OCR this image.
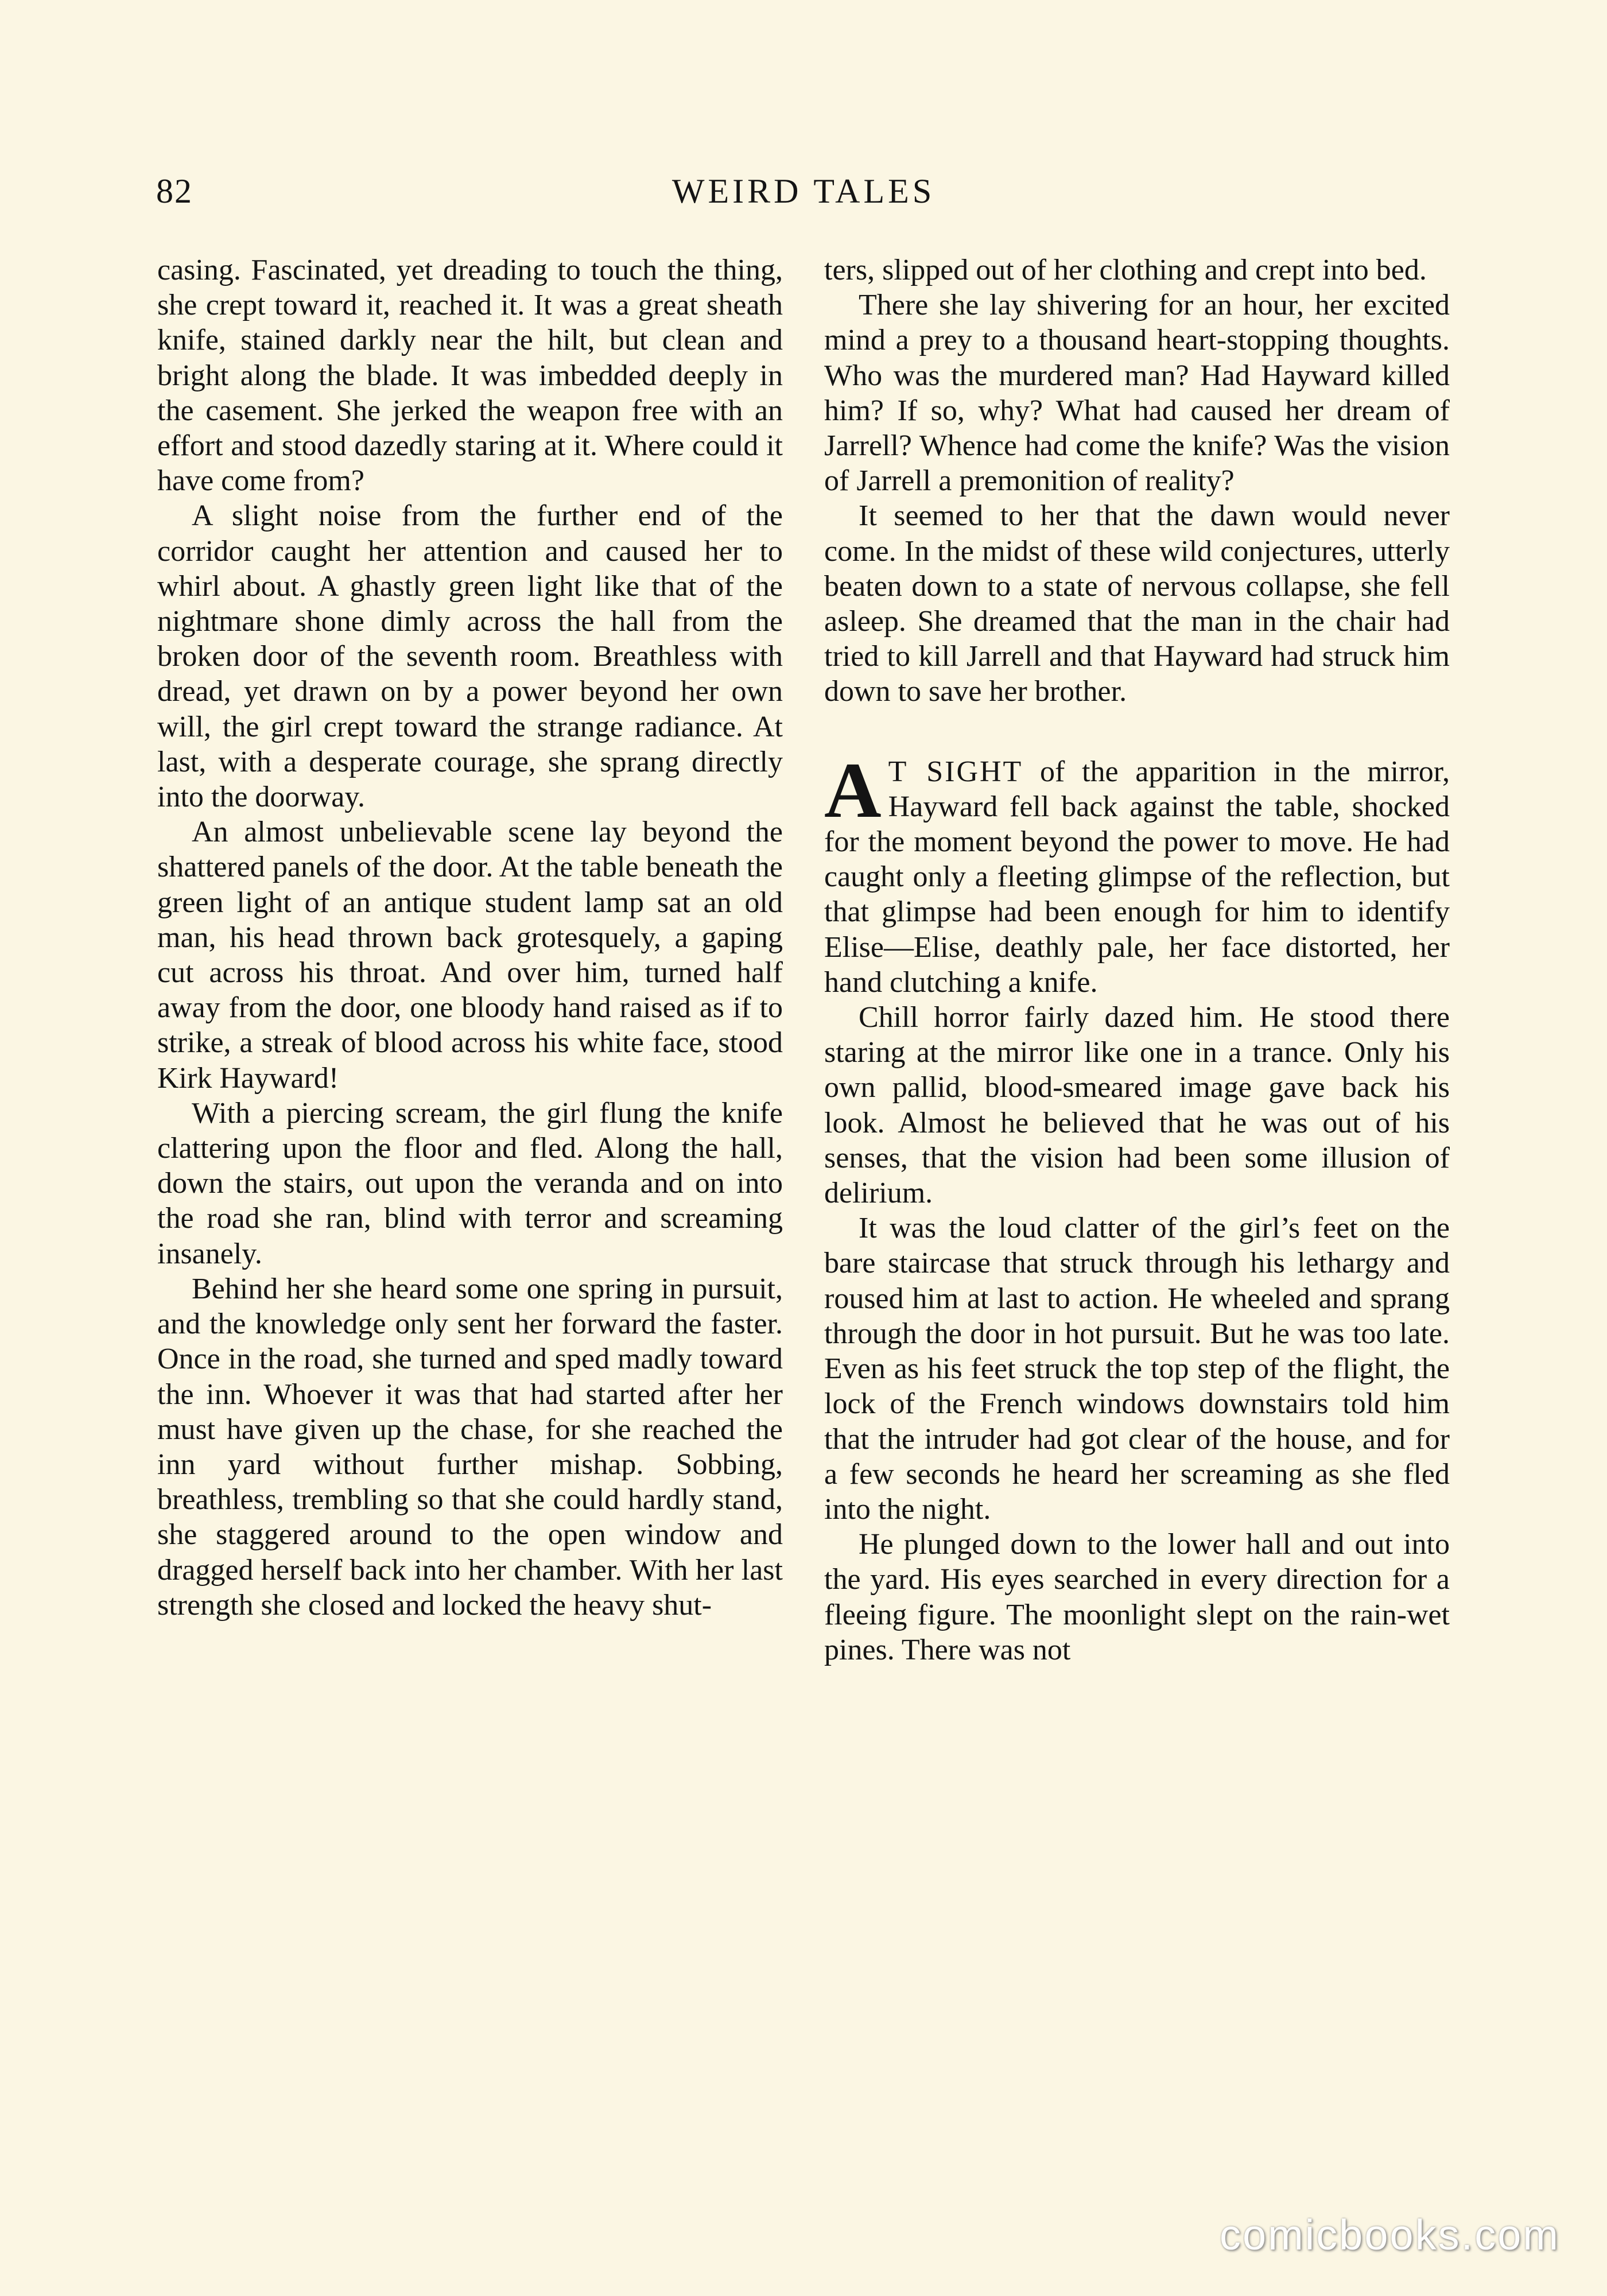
82	WEIRD TALES

casing. Fascinated, yet dreading to touch the thing, she crept toward it, reached it. It was a great sheath knife, stained darkly near the hilt, but clean and bright along the blade. It was imbedded deeply in the casement. She jerked the weapon free with an effort and stood dazedly staring at it. Where could it have come from?

A slight noise from the further end of the corridor caught her attention and caused her to whirl about. A ghastly green light like that of the nightmare shone dimly across the hall from the broken door of the seventh room. Breathless with dread, yet drawn on by a power beyond her own will, the girl crept toward the strange radiance. At last, with a desperate courage, she sprang directly into the doorway.

An almost unbelievable scene lay beyond the shattered panels of the door. At the table beneath the green light of an antique student lamp sat an old man, his head thrown back grotesquely, a gaping cut across his throat. And over him, turned half away from the door, one bloody hand raised as if to strike, a streak of blood across his white face, stood Kirk Hayward!

With a piercing scream, the girl flung the knife clattering upon the floor and fled. Along the hall, down the stairs, out upon the veranda and on into the road she ran, blind with terror and screaming insanely.

Behind her she heard some one spring in pursuit, and the knowledge only sent her forward the faster. Once in the road, she turned and sped madly toward the inn. Whoever it was that had started after her must have given up the chase, for she reached the inn yard without further mishap. Sobbing, breathless, trembling so that she could hardly stand, she staggered around to the open window and dragged herself back into her chamber. With her last strength she closed and locked the heavy shut-

ters, slipped out of her clothing and crept into bed.

There she lay shivering for an hour, her excited mind a prey to a thousand heart-stopping thoughts. Who was the murdered man? Had Hayward killed him? If so, why? What had caused her dream of Jarrell? Whence had come the knife? Was the vision of Jarrell a premonition of reality?

It seemed to her that the dawn would never come. In the midst of these wild conjectures, utterly beaten down to a state of nervous collapse, she fell asleep. She dreamed that the man in the chair had tried to kill Jarrell and that Hayward had struck him down to save her brother.

A T SIGHT of the apparition in the mirror, Hayward fell back against the table, shocked for the moment beyond the power to move. He had caught only a fleeting glimpse of the reflection, but that glimpse had been enough for him to identify Elise—Elise, deathly pale, her face distorted, her hand clutching a knife.

Chill horror fairly dazed him. He stood there staring at the mirror like one in a trance. Only his own pallid, blood-smeared image gave back his look. Almost he believed that he was out of his senses, that the vision had been some illusion of delirium.

It was the loud clatter of the girl’s feet on the bare staircase that struck through his lethargy and roused him at last to action. He wheeled and sprang through the door in hot pursuit. But he was too late. Even as his feet struck the top step of the flight, the lock of the French windows downstairs told him that the intruder had got clear of the house, and for a few seconds he heard her screaming as she fled into the night.

He plunged down to the lower hall and out into the yard. His eyes searched in every direction for a fleeing figure. The moonlight slept on the rain-wet pines. There was not

comicbooks.com
